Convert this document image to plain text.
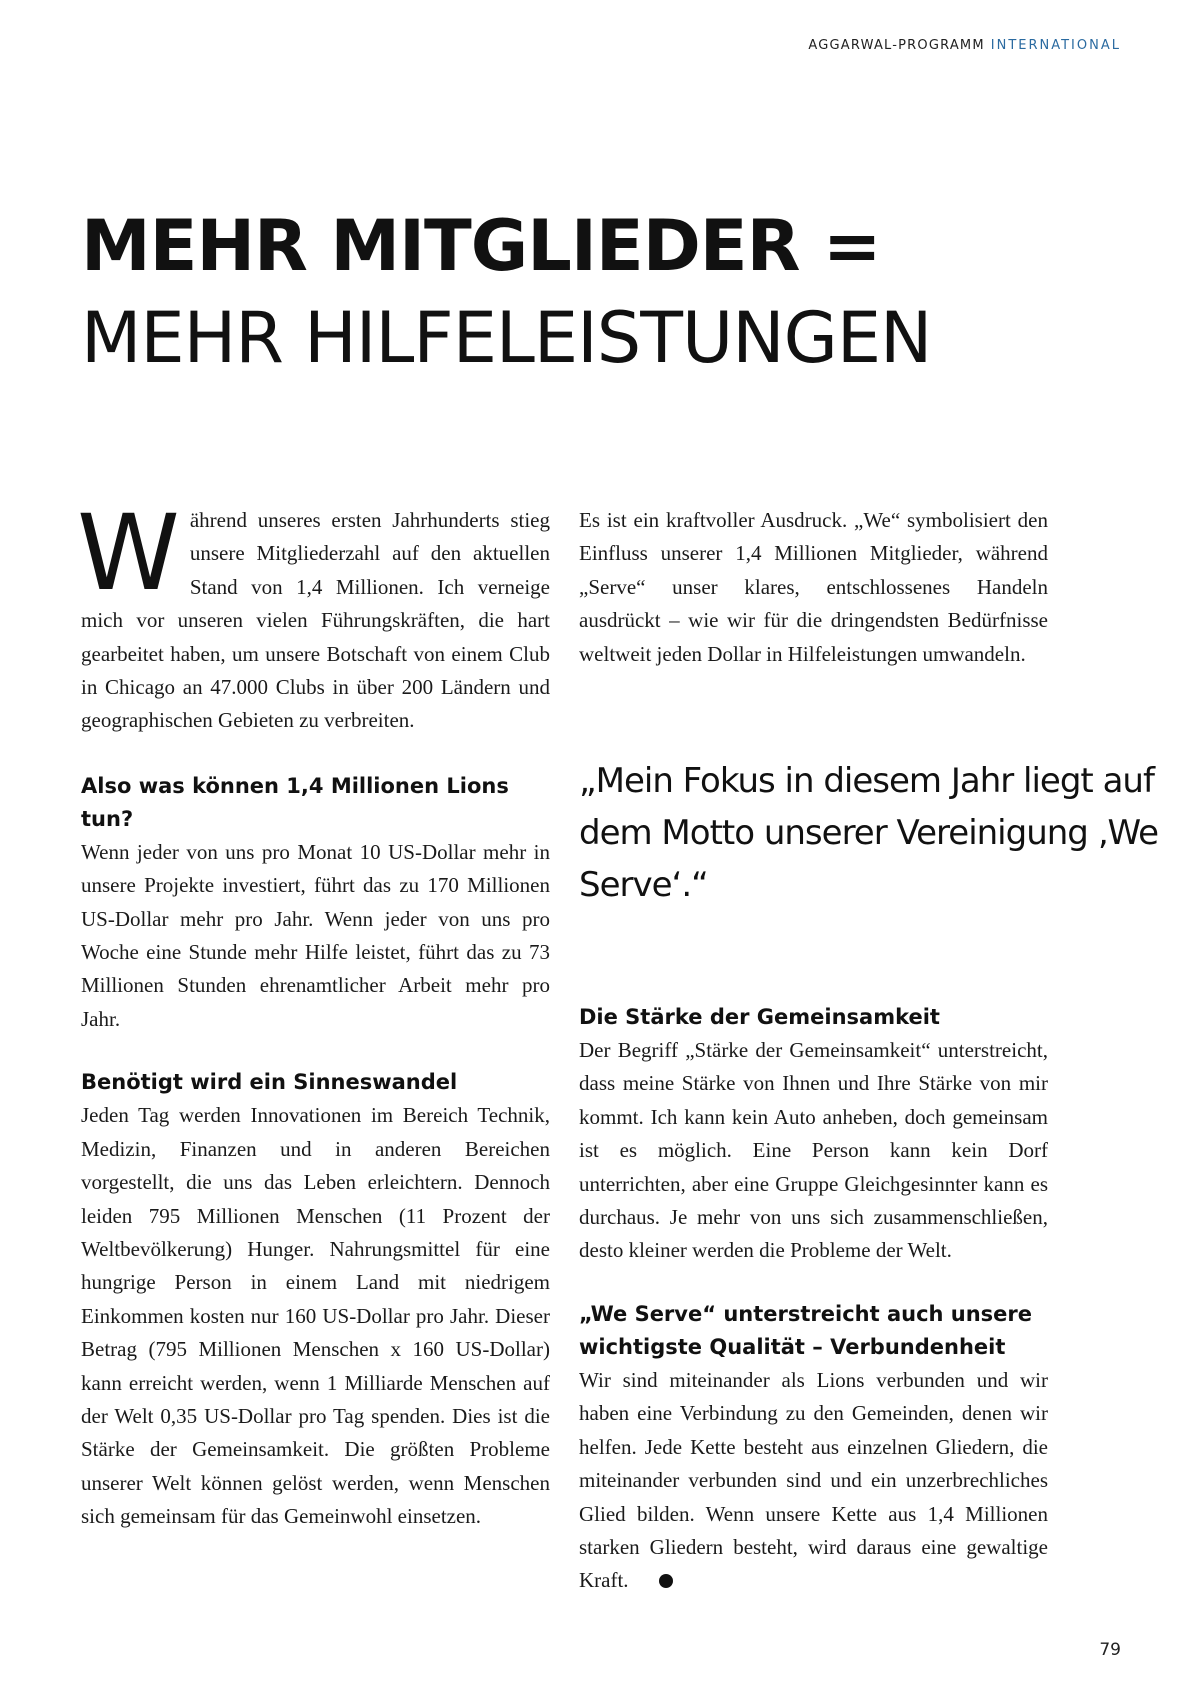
AGGARWAL-PROGRAMM INTERNATIONAL
MEHR MITGLIEDER =
MEHR HILFELEISTUNGEN

Während unseres ersten Jahrhunderts stieg unsere Mitgliederzahl auf den aktuellen Stand von 1,4 Millionen. Ich verneige mich vor unseren vielen Führungskräften, die hart gearbeitet haben, um unsere Botschaft von einem Club in Chicago an 47.000 Clubs in über 200 Ländern und geographischen Gebieten zu verbreiten.

Also was können 1,4 Millionen Lions tun?

Wenn jeder von uns pro Monat 10 US-Dollar mehr in unsere Projekte investiert, führt das zu 170 Millionen US-Dollar mehr pro Jahr. Wenn jeder von uns pro Woche eine Stunde mehr Hilfe leistet, führt das zu 73 Millionen Stunden ehrenamtlicher Arbeit mehr pro Jahr.

Benötigt wird ein Sinneswandel

Jeden Tag werden Innovationen im Bereich Technik, Medizin, Finanzen und in anderen Bereichen vorgestellt, die uns das Leben erleichtern. Dennoch leiden 795 Millionen Menschen (11 Prozent der Weltbevölkerung) Hunger. Nahrungsmittel für eine hungrige Person in einem Land mit niedrigem Einkommen kosten nur 160 US-Dollar pro Jahr. Dieser Betrag (795 Millionen Menschen x 160 US-Dollar) kann erreicht werden, wenn 1 Milliarde Menschen auf der Welt 0,35 US-Dollar pro Tag spenden. Dies ist die Stärke der Gemeinsamkeit. Die größten Probleme unserer Welt können gelöst werden, wenn Menschen sich gemeinsam für das Gemeinwohl einsetzen.

Es ist ein kraftvoller Ausdruck. „We“ symbolisiert den Einfluss unserer 1,4 Millionen Mitglieder, während „Serve“ unser klares, entschlossenes Handeln ausdrückt – wie wir für die dringendsten Bedürfnisse weltweit jeden Dollar in Hilfeleistungen umwandeln.

„Mein Fokus in diesem Jahr liegt auf dem Motto unserer Vereinigung ‚We Serve‘.“
Die Stärke der Gemeinsamkeit

Der Begriff „Stärke der Gemeinsamkeit“ unterstreicht, dass meine Stärke von Ihnen und Ihre Stärke von mir kommt. Ich kann kein Auto anheben, doch gemeinsam ist es möglich. Eine Person kann kein Dorf unterrichten, aber eine Gruppe Gleichgesinnter kann es durchaus. Je mehr von uns sich zusammenschließen, desto kleiner werden die Probleme der Welt.

„We Serve“ unterstreicht auch unsere wichtigste Qualität – Verbundenheit

Wir sind miteinander als Lions verbunden und wir haben eine Verbindung zu den Gemeinden, denen wir helfen. Jede Kette besteht aus einzelnen Gliedern, die miteinander verbunden sind und ein unzerbrechliches Glied bilden. Wenn unsere Kette aus 1,4 Millionen starken Gliedern besteht, wird daraus eine gewaltige Kraft.

79
